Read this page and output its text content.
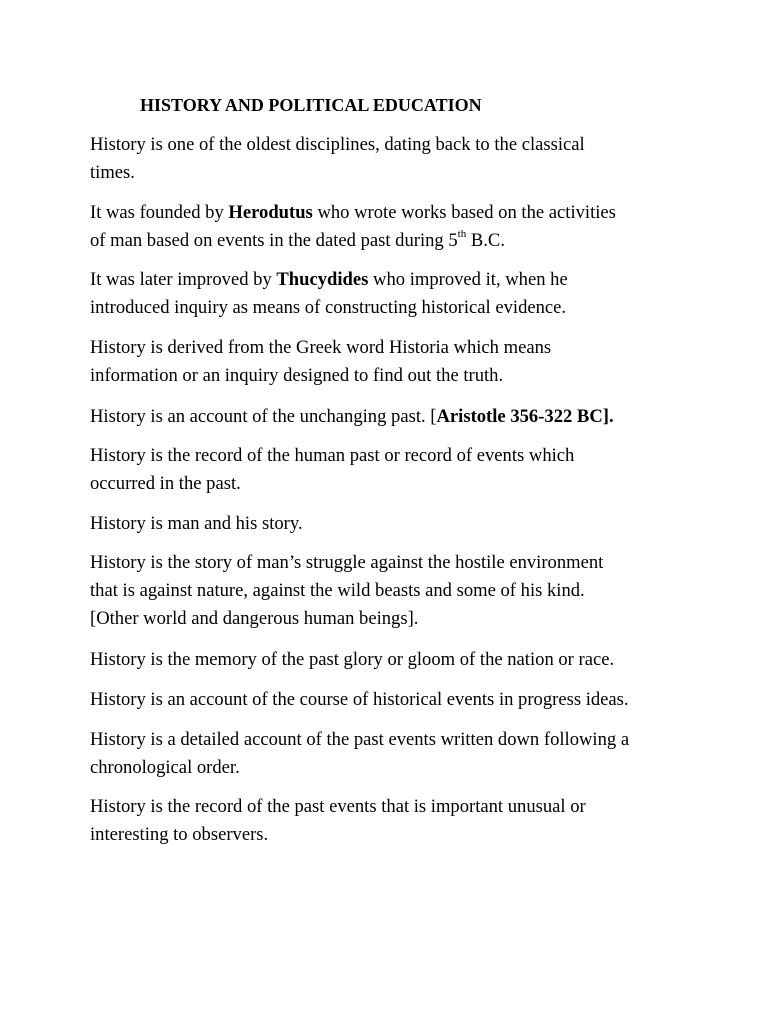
HISTORY AND POLITICAL EDUCATION

History is one of the oldest disciplines, dating back to the classical
times.

It was founded by Herodutus who wrote works based on the activities
of man based on events in the dated past during 5th B.C.

It was later improved by Thucydides who improved it, when he
introduced inquiry as means of constructing historical evidence.

History is derived from the Greek word Historia which means
information or an inquiry designed to find out the truth.

History is an account of the unchanging past. [Aristotle 356-322 BC].

History is the record of the human past or record of events which
occurred in the past.

History is man and his story.

History is the story of man’s struggle against the hostile environment
that is against nature, against the wild beasts and some of his kind.
[Other world and dangerous human beings].

History is the memory of the past glory or gloom of the nation or race.

History is an account of the course of historical events in progress ideas.

History is a detailed account of the past events written down following a
chronological order.

History is the record of the past events that is important unusual or
interesting to observers.
